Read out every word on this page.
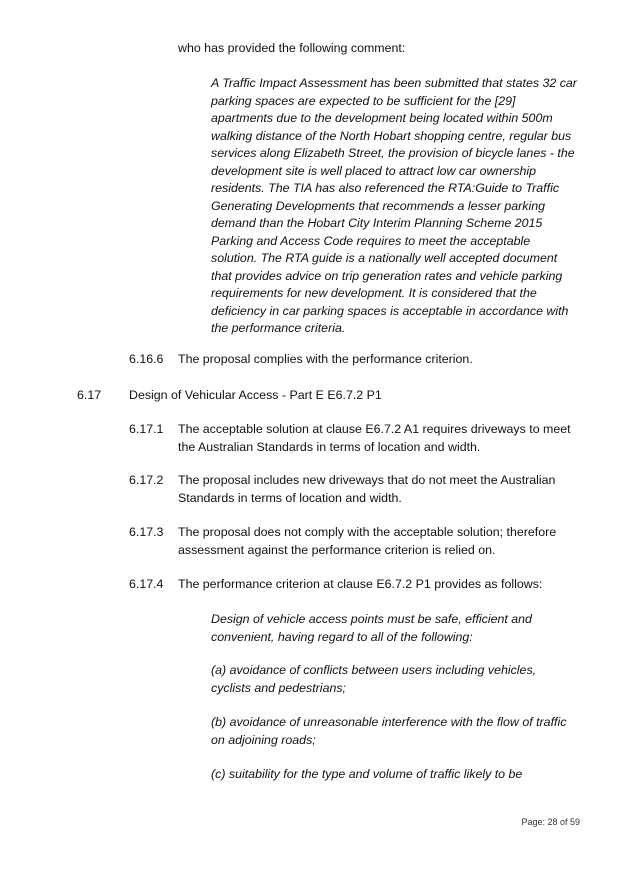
who has provided the following comment:

A Traffic Impact Assessment has been submitted that states 32 car parking spaces are expected to be sufficient for the [29] apartments due to the development being located within 500m walking distance of the North Hobart shopping centre, regular bus services along Elizabeth Street, the provision of bicycle lanes - the development site is well placed to attract low car ownership residents. The TIA has also referenced the RTA:Guide to Traffic Generating Developments that recommends a lesser parking demand than the Hobart City Interim Planning Scheme 2015 Parking and Access Code requires to meet the acceptable solution. The RTA guide is a nationally well accepted document that provides advice on trip generation rates and vehicle parking requirements for new development. It is considered that the deficiency in car parking spaces is acceptable in accordance with the performance criteria.

6.16.6 The proposal complies with the performance criterion.

6.17 Design of Vehicular Access - Part E E6.7.2 P1

6.17.1 The acceptable solution at clause E6.7.2 A1 requires driveways to meet the Australian Standards in terms of location and width.

6.17.2 The proposal includes new driveways that do not meet the Australian Standards in terms of location and width.

6.17.3 The proposal does not comply with the acceptable solution; therefore assessment against the performance criterion is relied on.

6.17.4 The performance criterion at clause E6.7.2 P1 provides as follows:

Design of vehicle access points must be safe, efficient and convenient, having regard to all of the following:

(a) avoidance of conflicts between users including vehicles, cyclists and pedestrians;

(b) avoidance of unreasonable interference with the flow of traffic on adjoining roads;

(c) suitability for the type and volume of traffic likely to be

Page: 28 of 59
